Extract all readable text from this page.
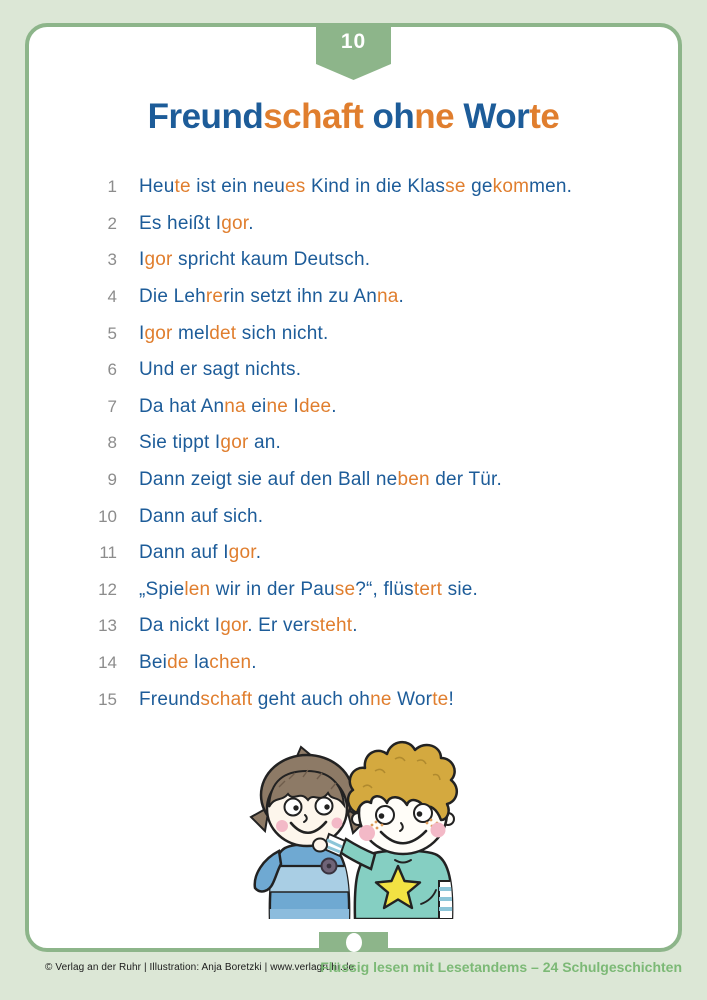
10
Freundschaft ohne Worte
1 Heute ist ein neues Kind in die Klasse gekommen.
2 Es heißt Igor.
3 Igor spricht kaum Deutsch.
4 Die Lehrerin setzt ihn zu Anna.
5 Igor meldet sich nicht.
6 Und er sagt nichts.
7 Da hat Anna eine Idee.
8 Sie tippt Igor an.
9 Dann zeigt sie auf den Ball neben der Tür.
10 Dann auf sich.
11 Dann auf Igor.
12 „Spielen wir in der Pause?“, flüstert sie.
13 Da nickt Igor. Er versteht.
14 Beide lachen.
15 Freundschaft geht auch ohne Worte!
© Verlag an der Ruhr | Illustration: Anja Boretzki | www.verlagruhr.de
Flüssig lesen mit Lesetandems – 24 Schulgeschichten
